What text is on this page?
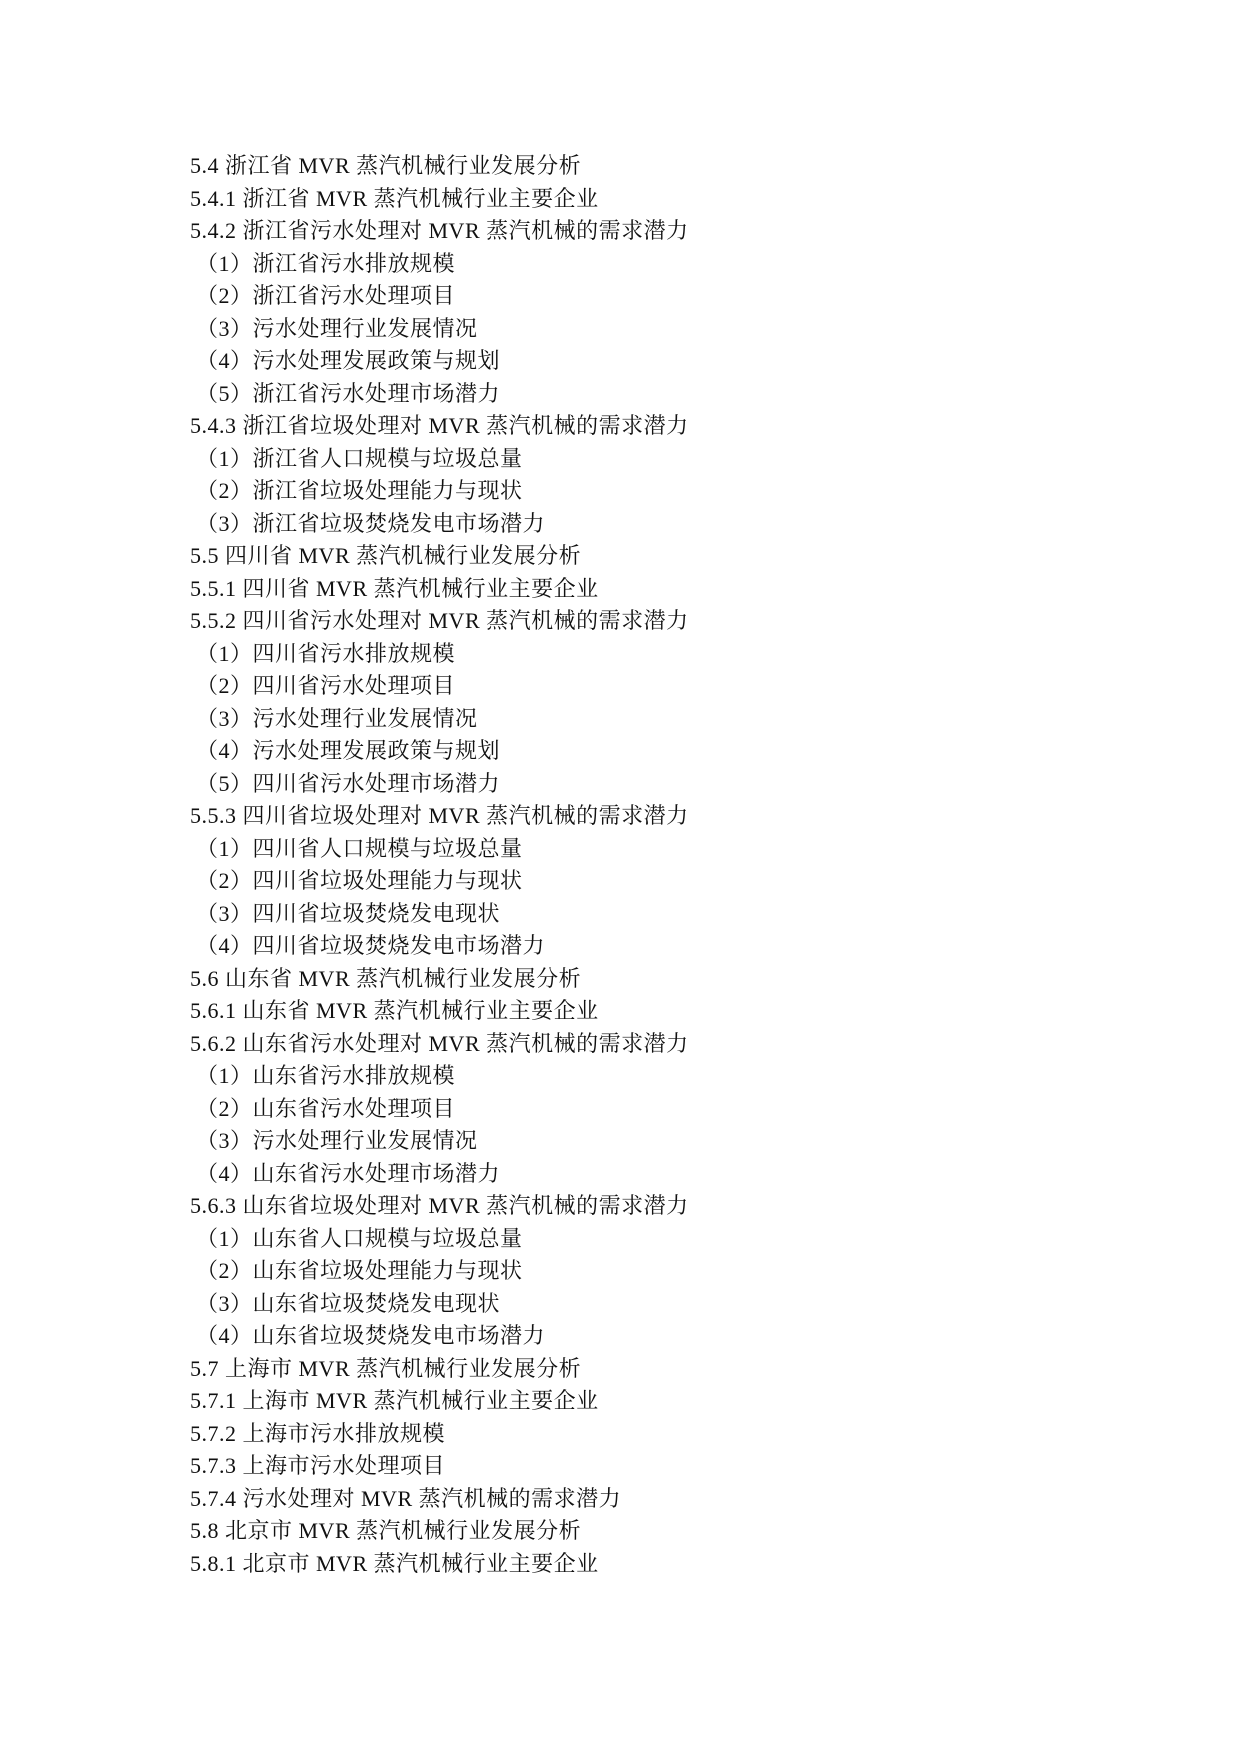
5.4 浙江省 MVR 蒸汽机械行业发展分析
5.4.1 浙江省 MVR 蒸汽机械行业主要企业
5.4.2 浙江省污水处理对 MVR 蒸汽机械的需求潜力
（1）浙江省污水排放规模
（2）浙江省污水处理项目
（3）污水处理行业发展情况
（4）污水处理发展政策与规划
（5）浙江省污水处理市场潜力
5.4.3 浙江省垃圾处理对 MVR 蒸汽机械的需求潜力
（1）浙江省人口规模与垃圾总量
（2）浙江省垃圾处理能力与现状
（3）浙江省垃圾焚烧发电市场潜力
5.5 四川省 MVR 蒸汽机械行业发展分析
5.5.1 四川省 MVR 蒸汽机械行业主要企业
5.5.2 四川省污水处理对 MVR 蒸汽机械的需求潜力
（1）四川省污水排放规模
（2）四川省污水处理项目
（3）污水处理行业发展情况
（4）污水处理发展政策与规划
（5）四川省污水处理市场潜力
5.5.3 四川省垃圾处理对 MVR 蒸汽机械的需求潜力
（1）四川省人口规模与垃圾总量
（2）四川省垃圾处理能力与现状
（3）四川省垃圾焚烧发电现状
（4）四川省垃圾焚烧发电市场潜力
5.6 山东省 MVR 蒸汽机械行业发展分析
5.6.1 山东省 MVR 蒸汽机械行业主要企业
5.6.2 山东省污水处理对 MVR 蒸汽机械的需求潜力
（1）山东省污水排放规模
（2）山东省污水处理项目
（3）污水处理行业发展情况
（4）山东省污水处理市场潜力
5.6.3 山东省垃圾处理对 MVR 蒸汽机械的需求潜力
（1）山东省人口规模与垃圾总量
（2）山东省垃圾处理能力与现状
（3）山东省垃圾焚烧发电现状
（4）山东省垃圾焚烧发电市场潜力
5.7 上海市 MVR 蒸汽机械行业发展分析
5.7.1 上海市 MVR 蒸汽机械行业主要企业
5.7.2 上海市污水排放规模
5.7.3 上海市污水处理项目
5.7.4 污水处理对 MVR 蒸汽机械的需求潜力
5.8 北京市 MVR 蒸汽机械行业发展分析
5.8.1 北京市 MVR 蒸汽机械行业主要企业
